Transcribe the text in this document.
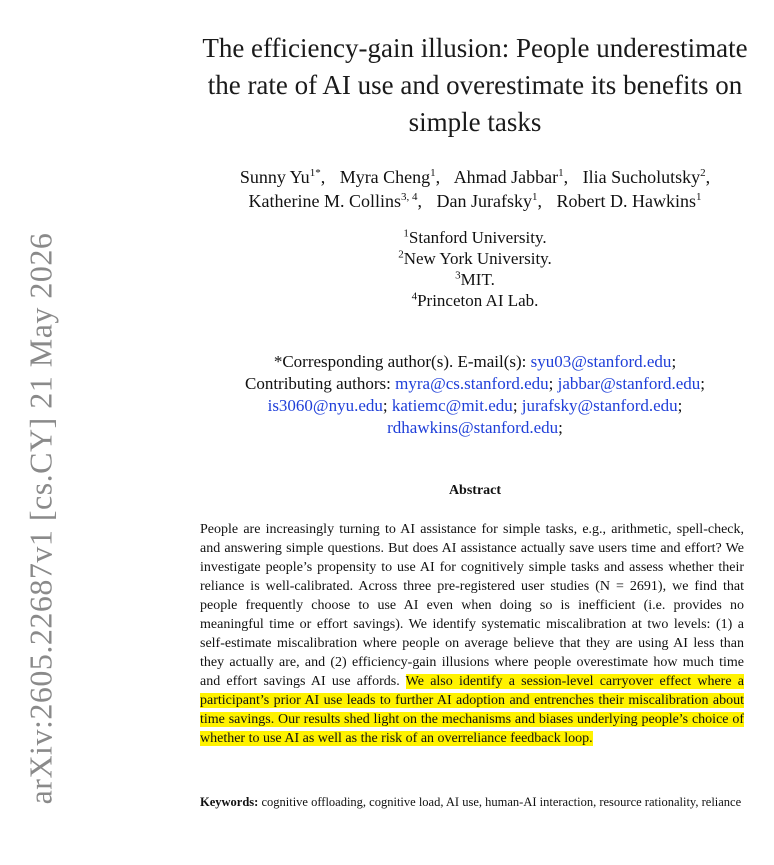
arXiv:2605.22687v1 [cs.CY] 21 May 2026
The efficiency-gain illusion: People underestimate
the rate of AI use and overestimate its benefits on
simple tasks
Sunny $Yu^{1*}$, Myra Cheng$^1$, Ahmad Jabbar$^1$, Ilia Sucholutsky$^2$,
Katherine M. Collins$^{3, 4}$, Dan Jurafsky$^1$, Robert D. Hawkins$^1$
$^1$Stanford University.
$^2$New York University.
$^3$MIT.
$^4$Princeton AI Lab.
*Corresponding author(s). E-mail(s): syu03@stanford.edu;
Contributing authors: myra@cs.stanford.edu; jabbar@stanford.edu;
is3060@nyu.edu; katiemc@mit.edu; jurafsky@stanford.edu;
rdhawkins@stanford.edu;
Abstract
People are increasingly turning to AI assistance for simple tasks, e.g., arithmetic, spell-check, and answering simple questions. But does AI assistance actually save users time and effort? We investigate people’s propensity to use AI for cognitively simple tasks and assess whether their reliance is well-calibrated. Across three pre-registered user studies (N = 2691), we find that people frequently choose to use AI even when doing so is inefficient (i.e. provides no meaningful time or effort savings). We identify systematic miscalibration at two levels: (1) a self-estimate miscalibration where people on average believe that they are using AI less than they actually are, and (2) efficiency-gain illusions where people overestimate how much time and effort savings AI use affords. We also identify a session-level carryover effect where a participant’s prior AI use leads to further AI adoption and entrenches their miscalibration about time savings. Our results shed light on the mechanisms and biases underlying people’s choice of whether to use AI as well as the risk of an overreliance feedback loop.
Keywords: cognitive offloading, cognitive load, AI use, human-AI interaction, resource rationality, reliance
